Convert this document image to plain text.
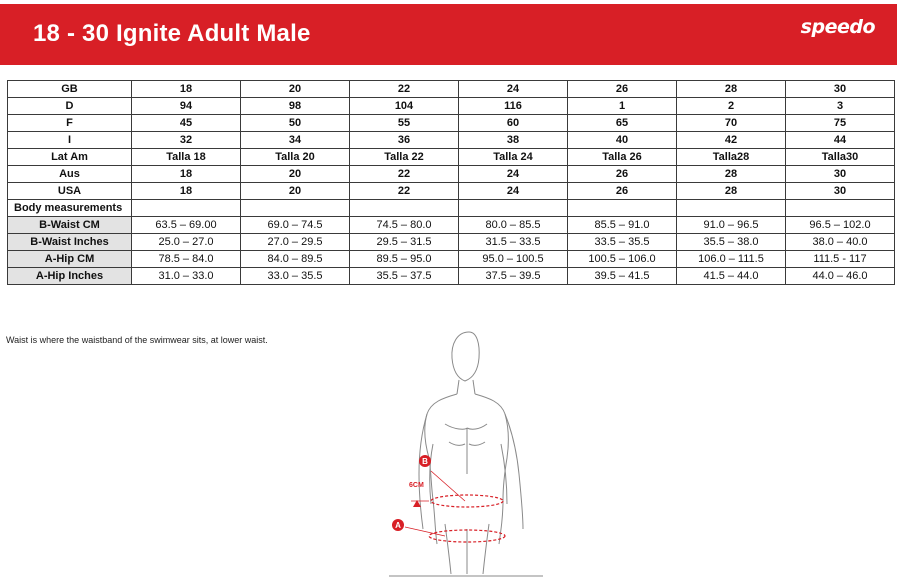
18 - 30 Ignite Adult Male	speedo
GB	18	20	22	24	26	28	30
D	94	98	104	116	1	2	3
F	45	50	55	60	65	70	75
I	32	34	36	38	40	42	44
Lat Am	Talla 18	Talla 20	Talla 22	Talla 24	Talla 26	Talla28	Talla30
Aus	18	20	22	24	26	28	30
USA	18	20	22	24	26	28	30
Body measurements							
B-Waist CM	63.5 – 69.00	69.0 – 74.5	74.5 – 80.0	80.0 – 85.5	85.5 – 91.0	91.0 – 96.5	96.5 – 102.0
B-Waist Inches	25.0 – 27.0	27.0 – 29.5	29.5 – 31.5	31.5 – 33.5	33.5 – 35.5	35.5 – 38.0	38.0 – 40.0
A-Hip CM	78.5 – 84.0	84.0 – 89.5	89.5 – 95.0	95.0 – 100.5	100.5 – 106.0	106.0 – 111.5	111.5 - 117
A-Hip Inches	31.0 – 33.0	33.0 – 35.5	35.5 – 37.5	37.5 – 39.5	39.5 – 41.5	41.5 – 44.0	44.0 – 46.0
Waist is where the waistband of the swimwear sits, at lower waist.
B
A
6CM
